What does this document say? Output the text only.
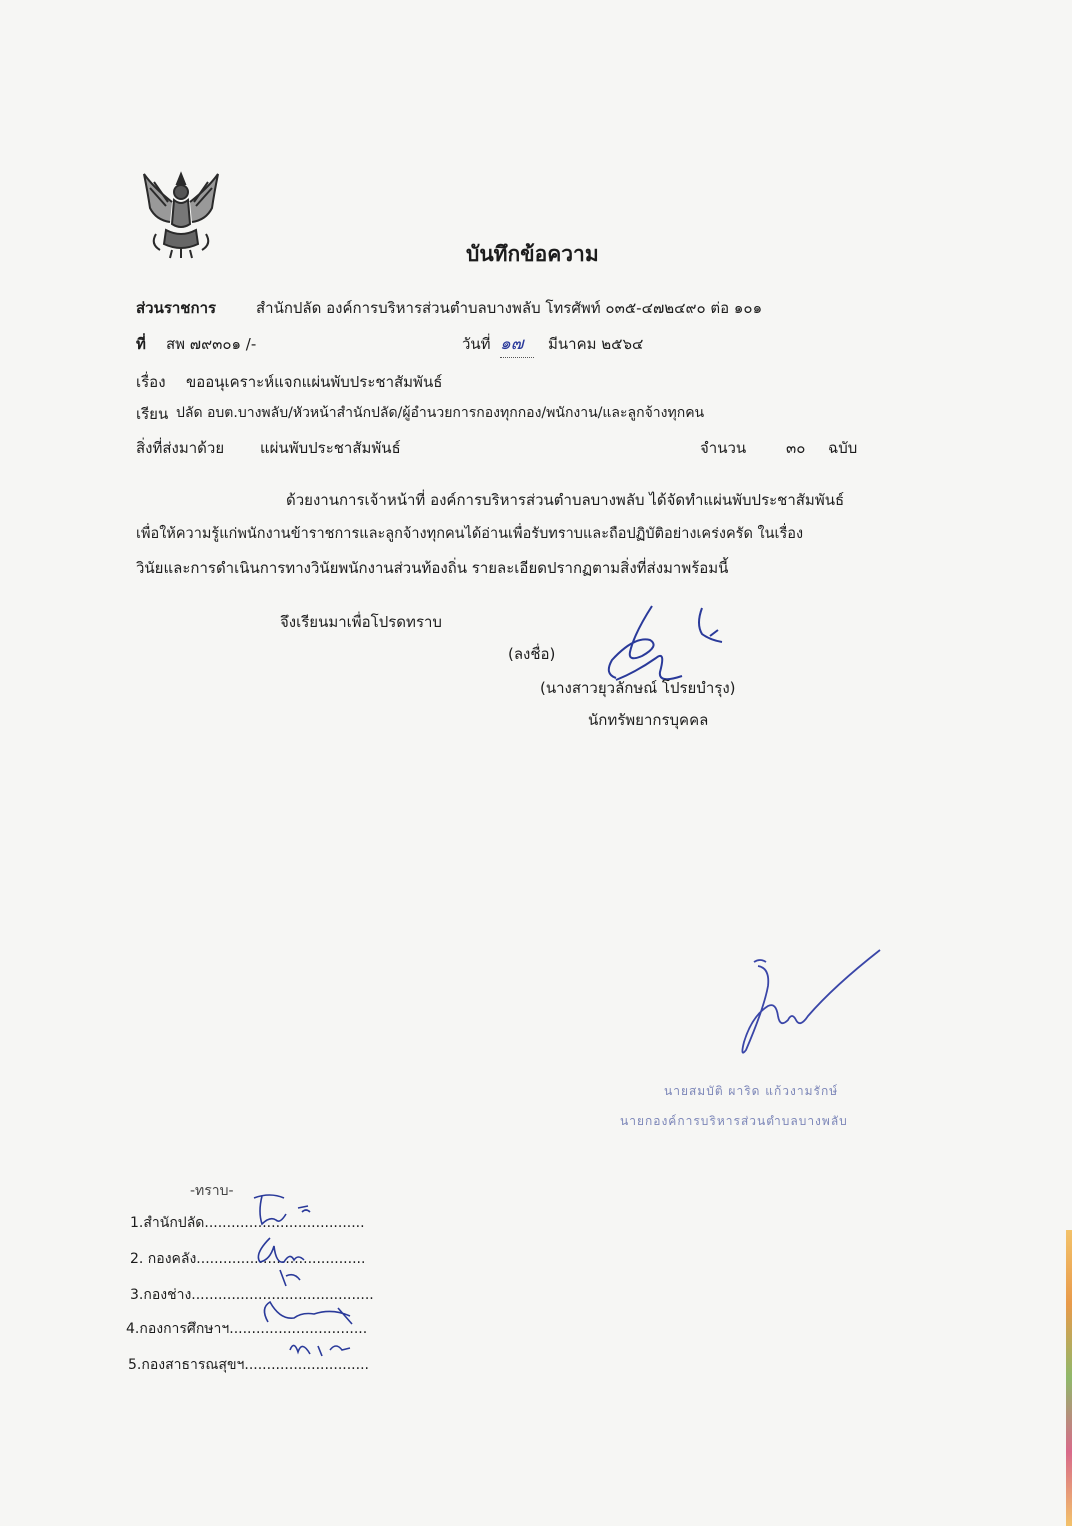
บันทึกข้อความ
ส่วนราชการ	สำนักปลัด องค์การบริหารส่วนตำบลบางพลับ โทรศัพท์ ๐๓๕-๔๗๒๔๙๐ ต่อ ๑๐๑
ที่ สพ ๗๙๓๐๑ /-	วันที่ ๑๗	มีนาคม ๒๕๖๔
เรื่อง ขออนุเคราะห์แจกแผ่นพับประชาสัมพันธ์
เรียน ปลัด อบต.บางพลับ/หัวหน้าสำนักปลัด/ผู้อำนวยการกองทุกกอง/พนักงาน/และลูกจ้างทุกคน
สิ่งที่ส่งมาด้วย แผ่นพับประชาสัมพันธ์	จำนวน	๓๐ ฉบับ
ด้วยงานการเจ้าหน้าที่ องค์การบริหารส่วนตำบลบางพลับ ได้จัดทำแผ่นพับประชาสัมพันธ์
เพื่อให้ความรู้แก่พนักงานข้าราชการและลูกจ้างทุกคนได้อ่านเพื่อรับทราบและถือปฏิบัติอย่างเคร่งครัด ในเรื่อง
วินัยและการดำเนินการทางวินัยพนักงานส่วนท้องถิ่น รายละเอียดปรากฏตามสิ่งที่ส่งมาพร้อมนี้
จึงเรียนมาเพื่อโปรดทราบ
(ลงชื่อ)
(นางสาวยุวลักษณ์ โปรยบำรุง)
นักทรัพยากรบุคคล
นายสมบัติ ผาริด แก้วงามรักษ์
นายกองค์การบริหารส่วนตำบลบางพลับ
-ทราบ-
1.สำนักปลัด....................................
2. กองคลัง......................................
3.กองช่าง.........................................
4.กองการศึกษาฯ...............................
5.กองสาธารณสุขฯ............................
